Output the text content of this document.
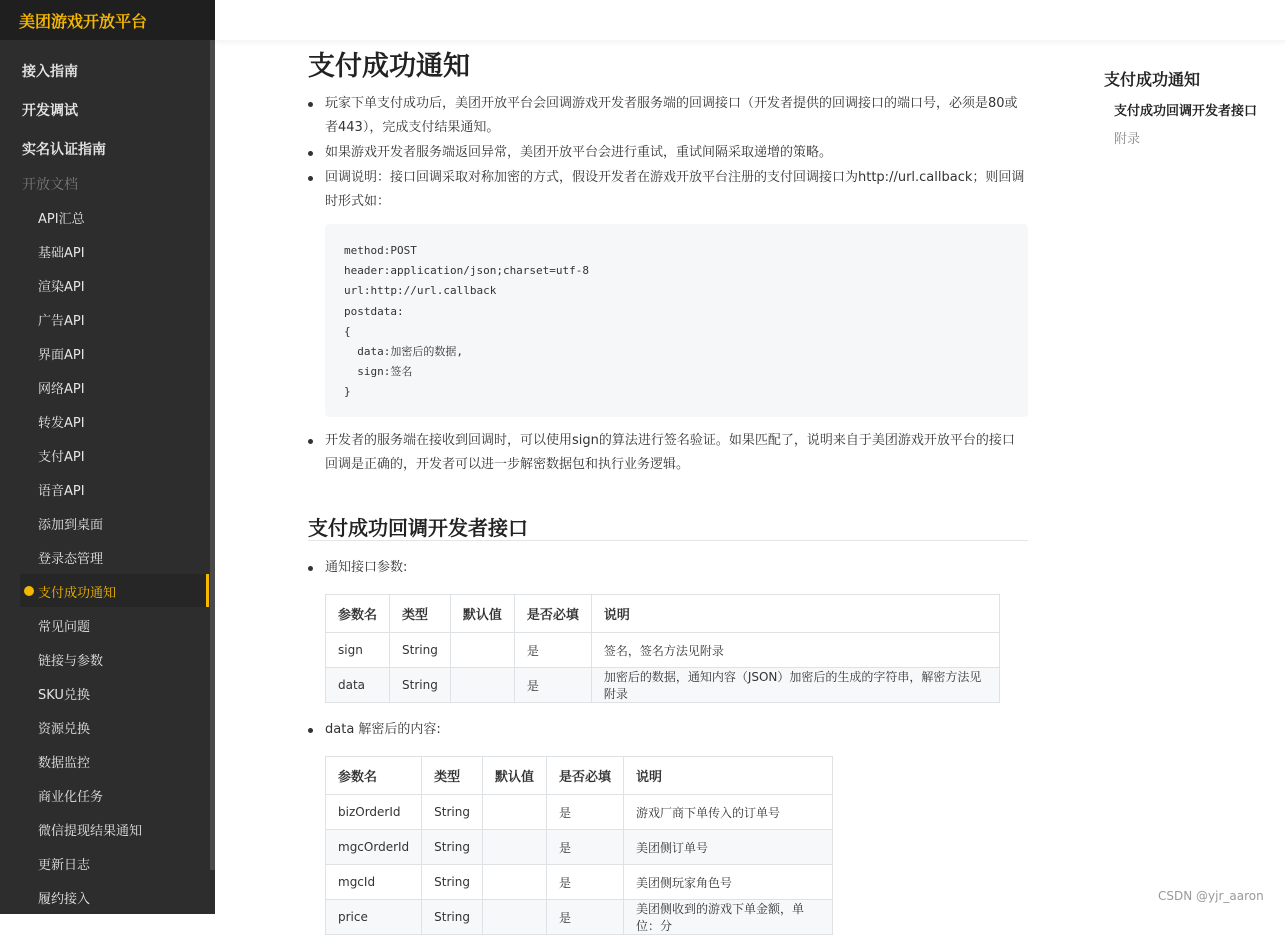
美团游戏开放平台
接入指南
开发调试
实名认证指南
开放文档
API汇总
基础API
渲染API
广告API
界面API
网络API
转发API
支付API
语音API
添加到桌面
登录态管理
支付成功通知
常见问题
链接与参数
SKU兑换
资源兑换
数据监控
商业化任务
微信提现结果通知
更新日志
履约接入
支付成功通知
玩家下单支付成功后，美团开放平台会回调游戏开发者服务端的回调接口（开发者提供的回调接口的端口号，必须是80或者443），完成支付结果通知。
如果游戏开发者服务端返回异常，美团开放平台会进行重试，重试间隔采取递增的策略。
回调说明：接口回调采取对称加密的方式，假设开发者在游戏开放平台注册的支付回调接口为http://url.callback；则回调时形式如：
method:POST
header:application/json;charset=utf-8
url:http://url.callback
postdata:
{
data:加密后的数据,
sign:签名
}
开发者的服务端在接收到回调时，可以使用sign的算法进行签名验证。如果匹配了，说明来自于美团游戏开放平台的接口回调是正确的，开发者可以进一步解密数据包和执行业务逻辑。
支付成功回调开发者接口
通知接口参数:
参数名	类型	默认值	是否必填	说明
sign	String		是	签名，签名方法见附录
data	String		是	加密后的数据，通知内容（JSON）加密后的生成的字符串，解密方法见附录
data 解密后的内容:
参数名	类型	默认值	是否必填	说明
bizOrderId	String		是	游戏厂商下单传入的订单号
mgcOrderId	String		是	美团侧订单号
mgcId	String		是	美团侧玩家角色号
price	String		是	美团侧收到的游戏下单金额，单位：分
支付成功通知
支付成功回调开发者接口
附录
CSDN @yjr_aaron
